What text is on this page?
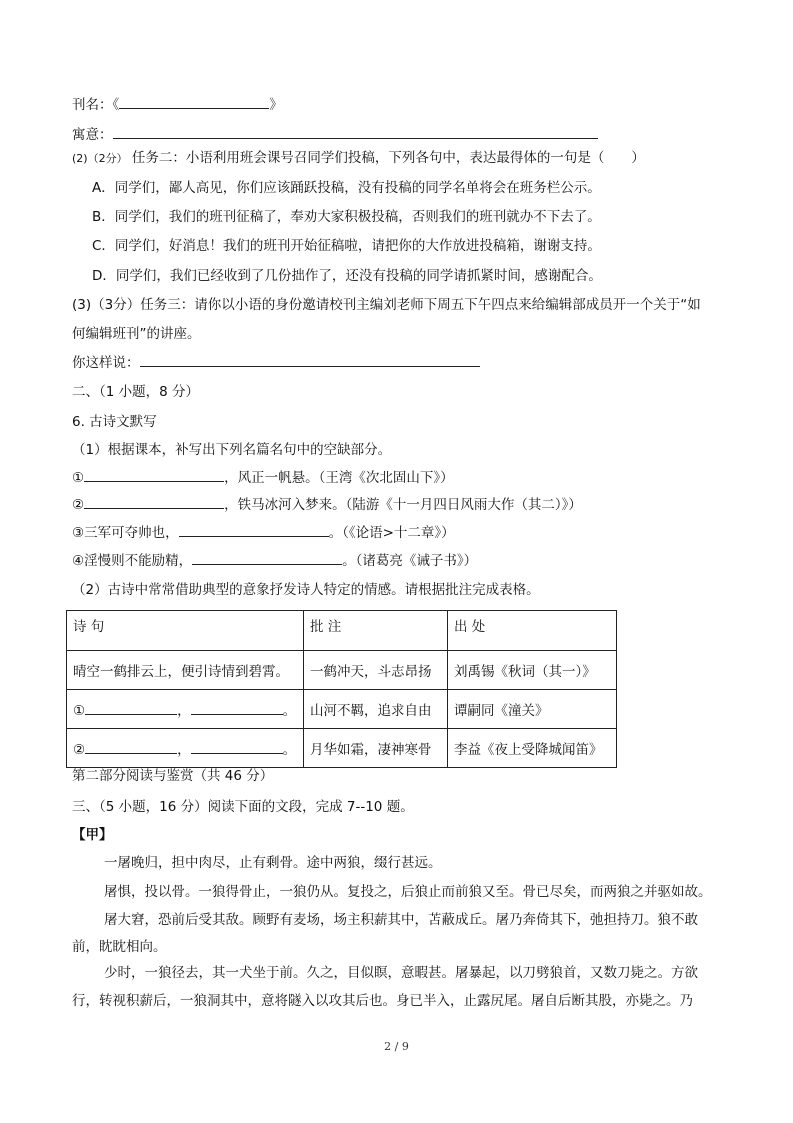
刊名：《	》
寓意：
(2)（2分） 任务二：小语利用班会课号召同学们投稿，下列各句中，表达最得体的一句是（　　）
A．同学们，鄙人高见，你们应该踊跃投稿，没有投稿的同学名单将会在班务栏公示。
B．同学们，我们的班刊征稿了，奉劝大家积极投稿，否则我们的班刊就办不下去了。
C．同学们，好消息！我们的班刊开始征稿啦，请把你的大作放进投稿箱，谢谢支持。
D．同学们，我们已经收到了几份拙作了，还没有投稿的同学请抓紧时间，感谢配合。
(3)（3分）任务三：请你以小语的身份邀请校刊主编刘老师下周五下午四点来给编辑部成员开一个关于“如
何编辑班刊”的讲座。
你这样说：
二、（1 小题，8 分）
6. 古诗文默写
（1）根据课本，补写出下列名篇名句中的空缺部分。
①	，风正一帆悬。（王湾《次北固山下》）
②	，铁马冰河入梦来。（陆游《十一月四日风雨大作（其二）》）
③三军可夺帅也，	。（《论语>十二章》）
④淫慢则不能励精，	。（诸葛亮《诫子书》）
（2）古诗中常常借助典型的意象抒发诗人特定的情感。请根据批注完成表格。
诗 句	批 注	出 处
晴空一鹤排云上，便引诗情到碧霄。	一鹤冲天，斗志昂扬	刘禹锡《秋词（其一）》
① ， 。	山河不羁，追求自由	谭嗣同《潼关》
② ， 。	月华如霜，凄神寒骨	李益《夜上受降城闻笛》
第二部分阅读与鉴赏（共 46 分）
三、（5 小题，16 分）阅读下面的文段，完成 7--10 题。
【甲】
一屠晚归，担中肉尽，止有剩骨。途中两狼，缀行甚远。
屠惧，投以骨。一狼得骨止，一狼仍从。复投之，后狼止而前狼又至。骨已尽矣，而两狼之并驱如故。
屠大窘，恐前后受其敌。顾野有麦场，场主积薪其中，苫蔽成丘。屠乃奔倚其下，弛担持刀。狼不敢
前，眈眈相向。
少时，一狼径去，其一犬坐于前。久之，目似瞑，意暇甚。屠暴起，以刀劈狼首，又数刀毙之。方欲
行，转视积薪后，一狼洞其中，意将隧入以攻其后也。身已半入，止露尻尾。屠自后断其股，亦毙之。乃
2 / 9
